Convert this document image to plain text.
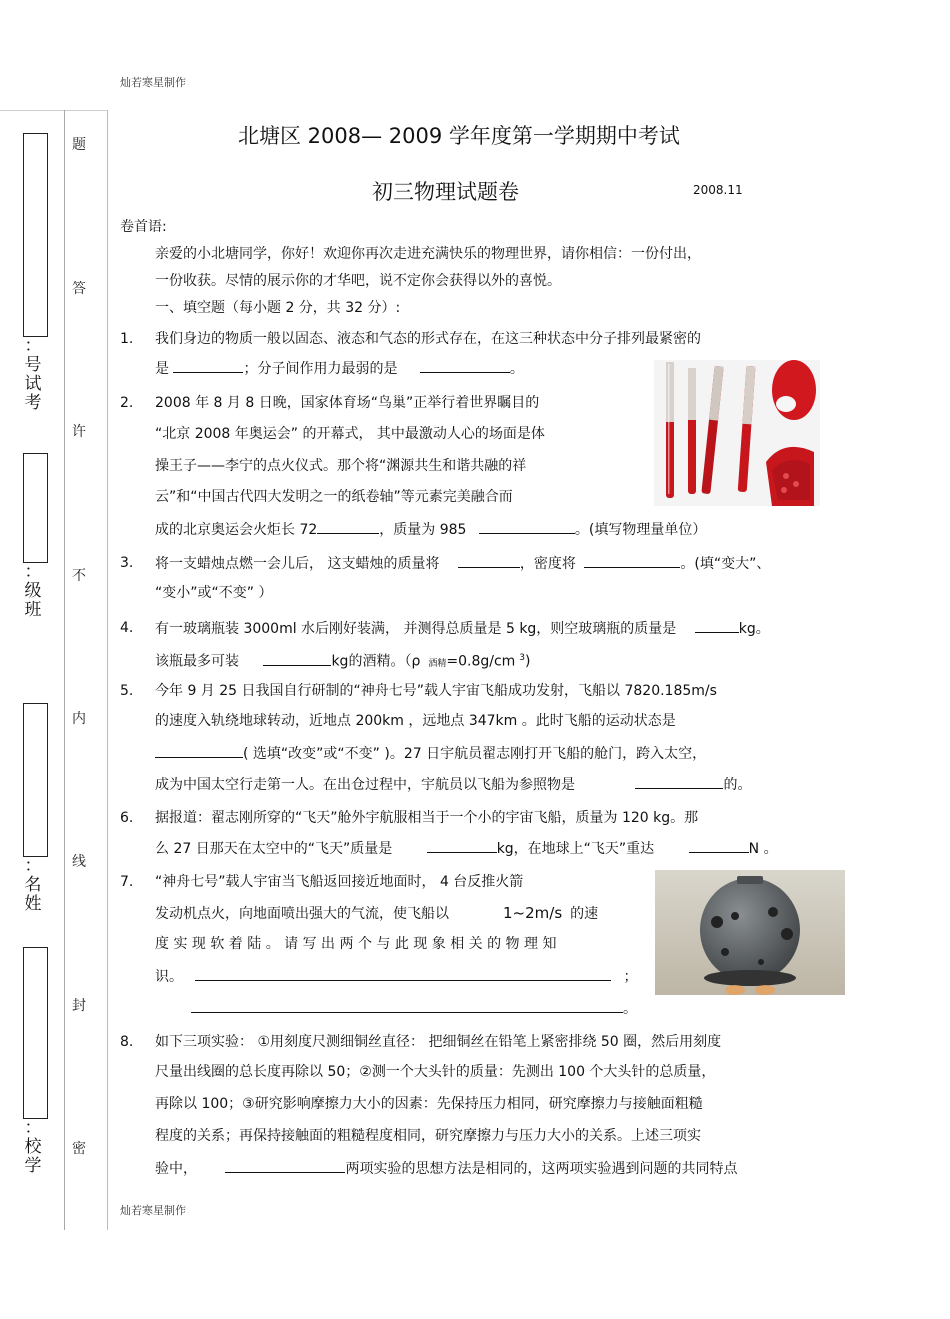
灿若寒星制作
灿若寒星制作
题
答
许
不
内
线
封
密
：
号试考
：
级班
：
名姓
：
校学
北塘区 2008— 2009 学年度第一学期期中考试
初三物理试题卷	2008.11
卷首语:
亲爱的小北塘同学，你好！欢迎你再次走进充满快乐的物理世界，请你相信：一份付出，
一份收获。尽情的展示你的才华吧，说不定你会获得以外的喜悦。
一、填空题（每小题 2 分，共 32 分）:
1. 我们身边的物质一般以固态、液态和气态的形式存在，在这三种状态中分子排列最紧密的
是	；分子间作用力最弱的是	。
2. 2008 年 8 月 8 日晚，国家体育场“鸟巢”正举行着世界瞩目的
“北京 2008 年奥运会” 的开幕式， 其中最激动人心的场面是体
操王子——李宁的点火仪式。那个将“渊源共生和谐共融的祥
云”和“中国古代四大发明之一的纸卷轴”等元素完美融合而
成的北京奥运会火炬长 72	，质量为 985	。(填写物理量单位）
3. 将一支蜡烛点燃一会儿后， 这支蜡烛的质量将	，密度将	。(填“变大”、
“变小”或“不变” ）
4. 有一玻璃瓶装 3000ml 水后刚好装满， 并测得总质量是 5 kg，则空玻璃瓶的质量是	kg。
该瓶最多可装	kg的酒精。（ρ 酒精=0.8g/cm $^3$)
5. 今年 9 月 25 日我国自行研制的“神舟七号”载人宇宙飞船成功发射，飞船以 7820.185m/s
的速度入轨绕地球转动，近地点 200km ，远地点 347km 。此时飞船的运动状态是
( 选填“改变”或“不变” )。27 日宇航员翟志刚打开飞船的舱门，跨入太空，
成为中国太空行走第一人。在出仓过程中，宇航员以飞船为参照物是	的。
6. 据报道：翟志刚所穿的“飞天”舱外宇航服相当于一个小的宇宙飞船，质量为 120 kg。那
么 27 日那天在太空中的“飞天”质量是	kg，在地球上“飞天”重达	N 。
7. “神舟七号”载人宇宙当飞船返回接近地面时， 4 台反推火箭
发动机点火，向地面喷出强大的气流，使飞船以	1~2m/s 的速
度 实 现 软 着 陆 。 请 写 出 两 个 与 此 现 象 相 关 的 物 理 知
识。	；
。
8. 如下三项实验： ①用刻度尺测细铜丝直径： 把细铜丝在铅笔上紧密排绕 50 圈，然后用刻度
尺量出线圈的总长度再除以 50；②测一个大头针的质量：先测出 100 个大头针的总质量，
再除以 100；③研究影响摩擦力大小的因素：先保持压力相同，研究摩擦力与接触面粗糙
程度的关系；再保持接触面的粗糙程度相同，研究摩擦力与压力大小的关系。上述三项实
验中，	两项实验的思想方法是相同的，这两项实验遇到问题的共同特点
